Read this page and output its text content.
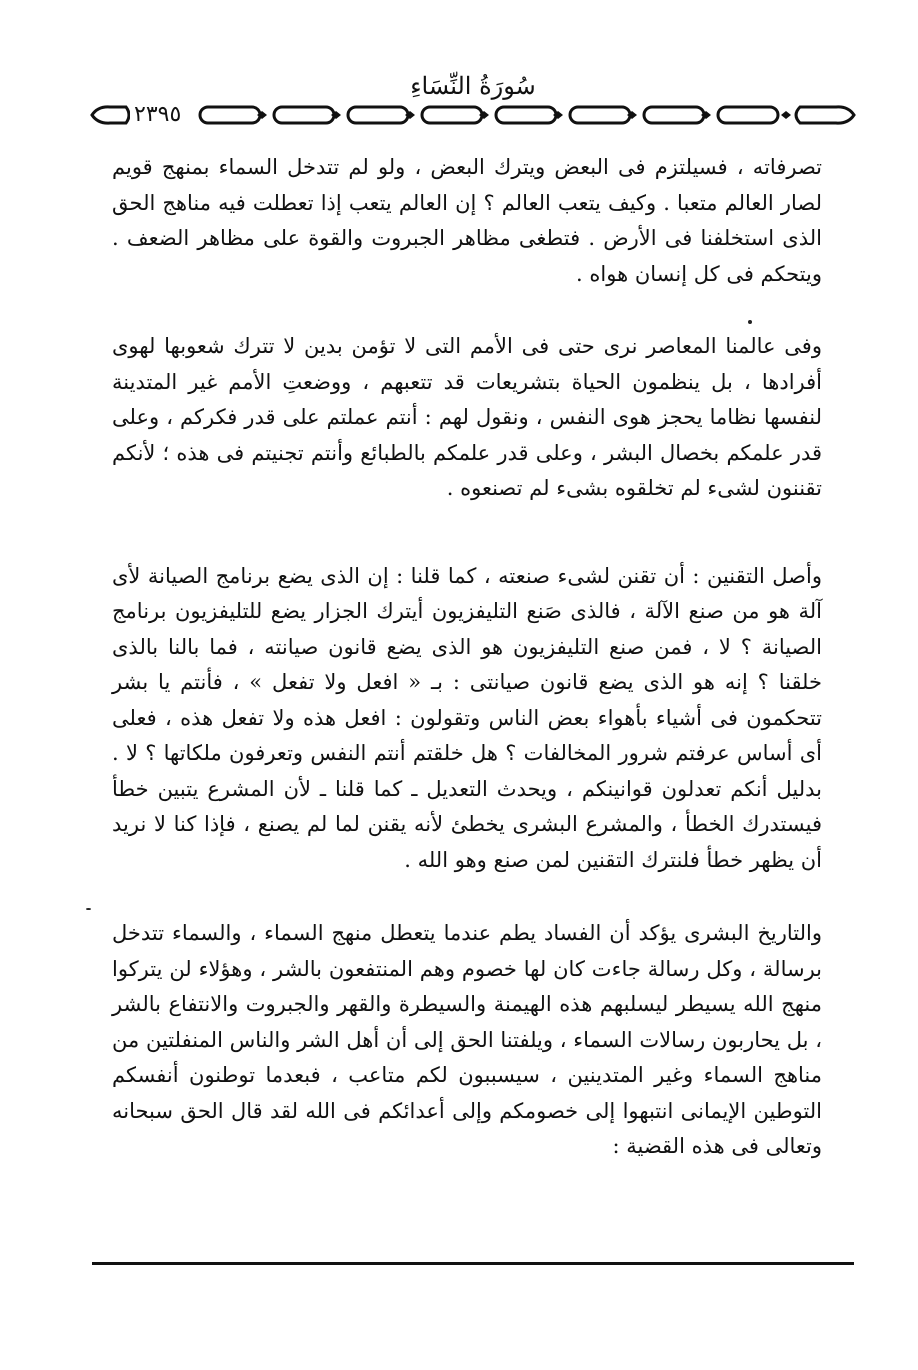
سُورَةُ النِّسَاءِ
٢٣٩٥

تصرفاته ، فسيلتزم فى البعض ويترك البعض ، ولو لم تتدخل السماء بمنهج قويم لصار العالم متعبا . وكيف يتعب العالم ؟ إن العالم يتعب إذا تعطلت فيه مناهج الحق الذى استخلفنا فى الأرض . فتطغى مظاهر الجبروت والقوة على مظاهر الضعف . ويتحكم فى كل إنسان هواه .

وفى عالمنا المعاصر نرى حتى فى الأمم التى لا تؤمن بدين لا تترك شعوبها لهوى أفرادها ، بل ينظمون الحياة بتشريعات قد تتعبهم ، ووضعتِ الأمم غير المتدينة لنفسها نظاما يحجز هوى النفس ، ونقول لهم : أنتم عملتم على قدر فكركم ، وعلى قدر علمكم بخصال البشر ، وعلى قدر علمكم بالطبائع وأنتم تجنيتم فى هذه ؛ لأنكم تقننون لشىء لم تخلقوه بشىء لم تصنعوه .

وأصل التقنين : أن تقنن لشىء صنعته ، كما قلنا : إن الذى يضع برنامج الصيانة لأى آلة هو من صنع الآلة ، فالذى صَنع التليفزيون أيترك الجزار يضع للتليفزيون برنامج الصيانة ؟ لا ، فمن صنع التليفزيون هو الذى يضع قانون صيانته ، فما بالنا بالذى خلقنا ؟ إنه هو الذى يضع قانون صيانتى : بـ « افعل ولا تفعل » ، فأنتم يا بشر تتحكمون فى أشياء بأهواء بعض الناس وتقولون : افعل هذه ولا تفعل هذه ، فعلى أى أساس عرفتم شرور المخالفات ؟ هل خلقتم أنتم النفس وتعرفون ملكاتها ؟ لا . بدليل أنكم تعدلون قوانينكم ، ويحدث التعديل ـ كما قلنا ـ لأن المشرع يتبين خطأ فيستدرك الخطأ ، والمشرع البشرى يخطئ لأنه يقنن لما لم يصنع ، فإذا كنا لا نريد أن يظهر خطأ فلنترك التقنين لمن صنع وهو الله .

والتاريخ البشرى يؤكد أن الفساد يطم عندما يتعطل منهج السماء ، والسماء تتدخل برسالة ، وكل رسالة جاءت كان لها خصوم وهم المنتفعون بالشر ، وهؤلاء لن يتركوا منهج الله يسيطر ليسلبهم هذه الهيمنة والسيطرة والقهر والجبروت والانتفاع بالشر ، بل يحاربون رسالات السماء ، ويلفتنا الحق إلى أن أهل الشر والناس المنفلتين من مناهج السماء وغير المتدينين ، سيسببون لكم متاعب ، فبعدما توطنون أنفسكم التوطين الإيمانى انتبهوا إلى خصومكم وإلى أعدائكم فى الله لقد قال الحق سبحانه وتعالى فى هذه القضية :
